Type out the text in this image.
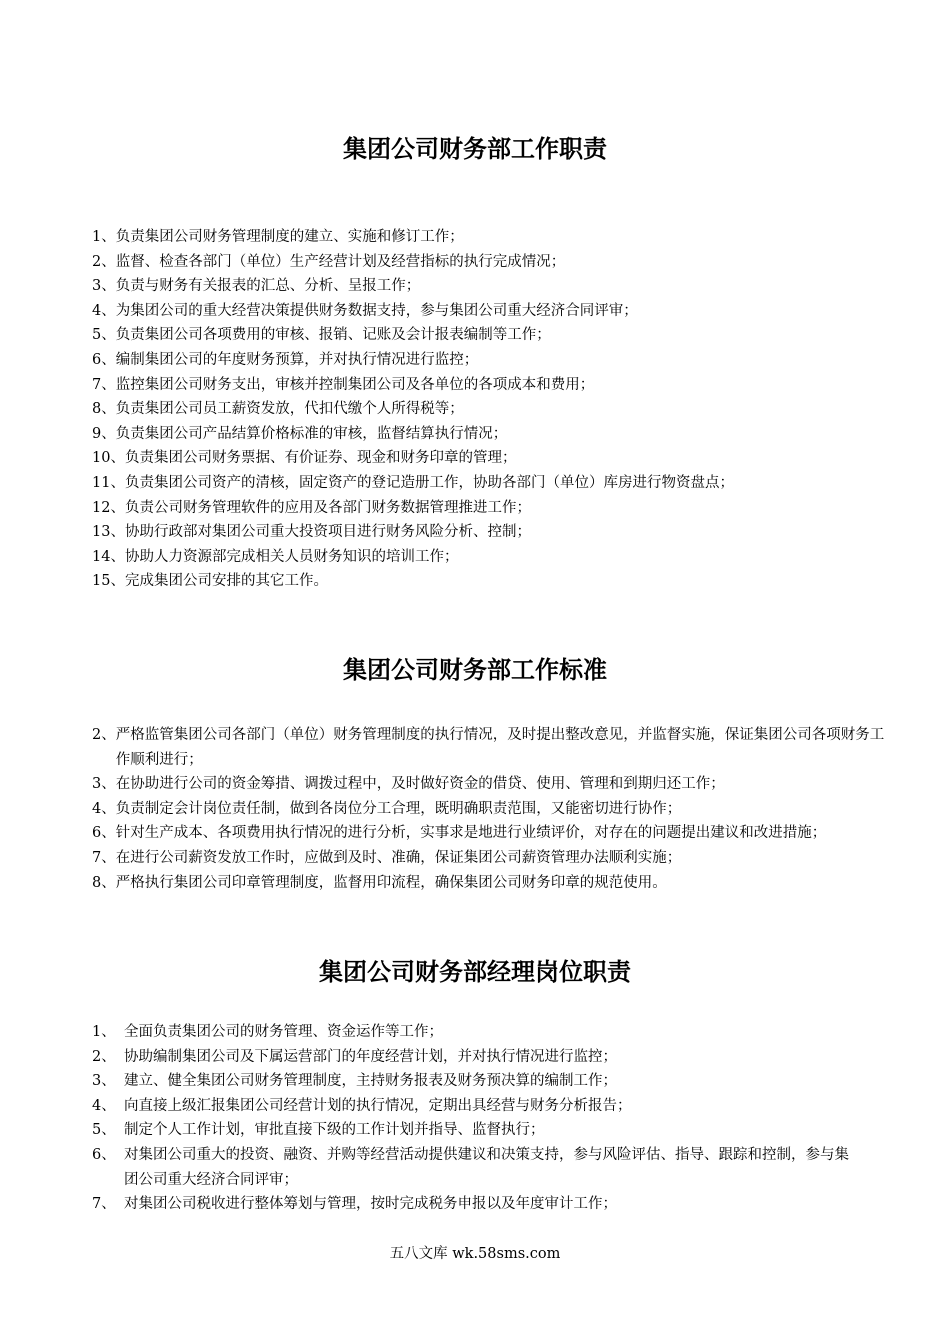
集团公司财务部工作职责
1、 负责集团公司财务管理制度的建立、实施和修订工作；
2、 监督、检查各部门（单位）生产经营计划及经营指标的执行完成情况；
3、 负责与财务有关报表的汇总、分析、呈报工作；
4、 为集团公司的重大经营决策提供财务数据支持，参与集团公司重大经济合同评审；
5、 负责集团公司各项费用的审核、报销、记账及会计报表编制等工作；
6、 编制集团公司的年度财务预算，并对执行情况进行监控；
7、 监控集团公司财务支出，审核并控制集团公司及各单位的各项成本和费用；
8、 负责集团公司员工薪资发放，代扣代缴个人所得税等；
9、 负责集团公司产品结算价格标准的审核，监督结算执行情况；
10、 负责集团公司财务票据、有价证券、现金和财务印章的管理；
11、 负责集团公司资产的清核，固定资产的登记造册工作，协助各部门（单位）库房进行物资盘点；
12、 负责公司财务管理软件的应用及各部门财务数据管理推进工作；
13、 协助行政部对集团公司重大投资项目进行财务风险分析、控制；
14、 协助人力资源部完成相关人员财务知识的培训工作；
15、 完成集团公司安排的其它工作。
集团公司财务部工作标准
2、 严格监管集团公司各部门（单位）财务管理制度的执行情况，及时提出整改意见，并监督实施，保证集团公司各项财务工作顺利进行；
3、 在协助进行公司的资金筹措、调拨过程中，及时做好资金的借贷、使用、管理和到期归还工作；
4、 负责制定会计岗位责任制，做到各岗位分工合理，既明确职责范围，又能密切进行协作；
6、 针对生产成本、各项费用执行情况的进行分析，实事求是地进行业绩评价，对存在的问题提出建议和改进措施；
7、 在进行公司薪资发放工作时，应做到及时、准确，保证集团公司薪资管理办法顺利实施；
8、 严格执行集团公司印章管理制度，监督用印流程，确保集团公司财务印章的规范使用。
集团公司财务部经理岗位职责
1、 全面负责集团公司的财务管理、资金运作等工作；
2、 协助编制集团公司及下属运营部门的年度经营计划，并对执行情况进行监控；
3、 建立、健全集团公司财务管理制度，主持财务报表及财务预决算的编制工作；
4、 向直接上级汇报集团公司经营计划的执行情况，定期出具经营与财务分析报告；
5、 制定个人工作计划，审批直接下级的工作计划并指导、监督执行；
6、 对集团公司重大的投资、融资、并购等经营活动提供建议和决策支持，参与风险评估、指导、跟踪和控制，参与集团公司重大经济合同评审；
7、 对集团公司税收进行整体筹划与管理，按时完成税务申报以及年度审计工作；
五八文库 wk.58sms.com
